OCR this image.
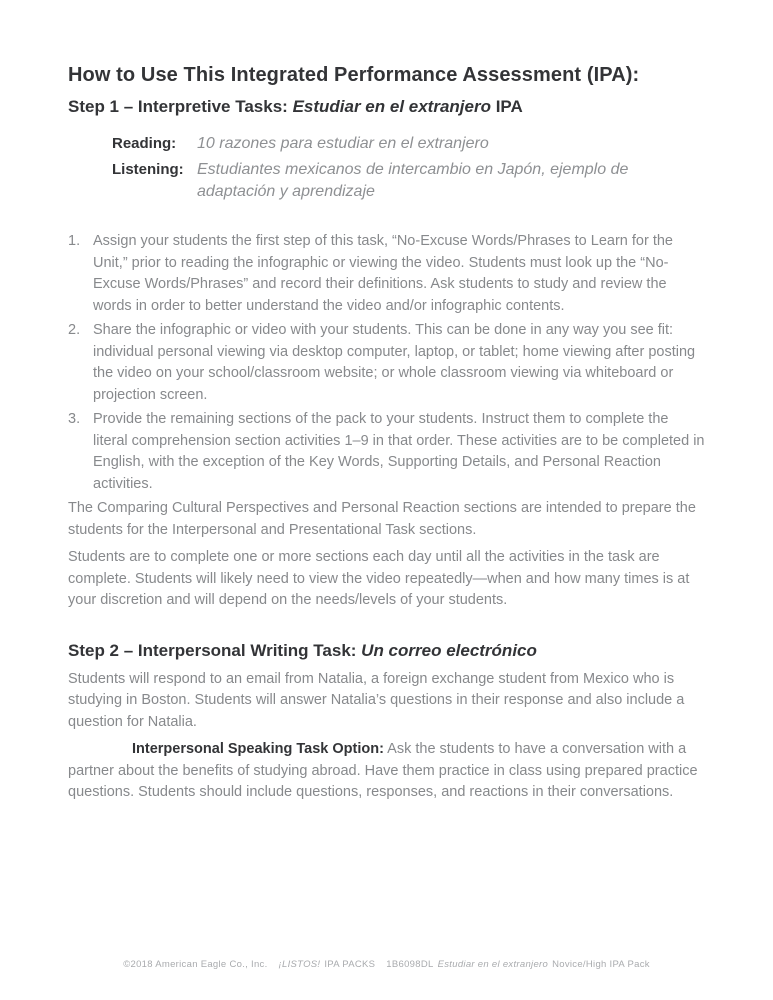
How to Use This Integrated Performance Assessment (IPA):
Step 1 – Interpretive Tasks: Estudiar en el extranjero IPA
Reading:	10 razones para estudiar en el extranjero
Listening: Estudiantes mexicanos de intercambio en Japón, ejemplo de adaptación y aprendizaje
1. Assign your students the first step of this task, “No-Excuse Words/Phrases to Learn for the Unit,” prior to reading the infographic or viewing the video. Students must look up the “No-Excuse Words/Phrases” and record their definitions. Ask students to study and review the words in order to better understand the video and/or infographic contents.
2. Share the infographic or video with your students. This can be done in any way you see fit: individual personal viewing via desktop computer, laptop, or tablet; home viewing after posting the video on your school/classroom website; or whole classroom viewing via whiteboard or projection screen.
3. Provide the remaining sections of the pack to your students. Instruct them to complete the literal comprehension section activities 1–9 in that order. These activities are to be completed in English, with the exception of the Key Words, Supporting Details, and Personal Reaction activities.

The Comparing Cultural Perspectives and Personal Reaction sections are intended to prepare the students for the Interpersonal and Presentational Task sections.

Students are to complete one or more sections each day until all the activities in the task are complete. Students will likely need to view the video repeatedly—when and how many times is at your discretion and will depend on the needs/levels of your students.

Step 2 – Interpersonal Writing Task: Un correo electrónico

Students will respond to an email from Natalia, a foreign exchange student from Mexico who is studying in Boston. Students will answer Natalia’s questions in their response and also include a question for Natalia.

Interpersonal Speaking Task Option: Ask the students to have a conversation with a partner about the benefits of studying abroad. Have them practice in class using prepared practice questions. Students should include questions, responses, and reactions in their conversations.

©2018 American Eagle Co., Inc. ¡LISTOS! IPA PACKS 1B6098DL Estudiar en el extranjero Novice/High IPA Pack
